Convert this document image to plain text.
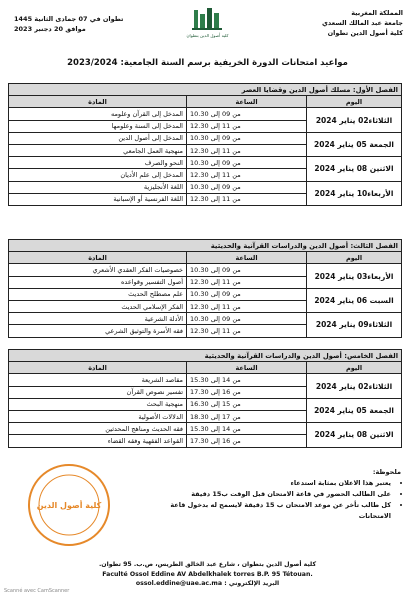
المملكة المغربية
جامعة عبد المالك السعدي
كلية أصول الدين تطوان
كلية أصول الدين بتطوان
تطوان في 07 جمادى الثانية 1445
موافق 20 دجنبر 2023
مواعيد امتحانات الدورة الخريفية برسم السنة الجامعية: 2023/2024
الفصل الأول: مسلك أصول الدين وقضايا العصر		
اليوم	الساعة	المادة
الثلاثاء02 يناير 2024	من 09 إلى 10.30	المدخل إلى القرآن وعلومه
	من 11 إلى 12.30	المدخل إلى السنة وعلومها
الجمعة 05 يناير 2024	من 09 إلى 10.30	المدخل إلى أصول الدين
	من 11 إلى 12.30	منهجية العمل الجامعي
الاثنين 08 يناير 2024	من 09 إلى 10.30	النحو والصرف
	من 11 إلى 12.30	المدخل إلى علم الأديان
الأربعاء10 يناير 2024	من 09 إلى 10.30	اللغة الأنجليزية
	من 11 إلى 12.30	اللغة الفرنسية أو الإسبانية
الفصل الثالث: أصول الدين والدراسات القرآنية والحديثية		
اليوم	الساعة	المادة
الأربعاء03 يناير 2024	من 09 إلى 10.30	خصوصيات الفكر العقدي الأشعري
	من 11 إلى 12.30	أصول التفسير وقواعده
السبت 06 يناير 2024	من 09 إلى 10.30	علم مصطلح الحديث
	من 11 إلى 12.30	الفكر الإسلامي الحديث
الثلاثاء09 يناير 2024	من 09 إلى 10.30	الأدلة الشرعية
	من 11 إلى 12.30	فقه الأسرة والتوثيق الشرعي
الفصل الخامس: أصول الدين والدراسات القرآنية والحديثية		
اليوم	الساعة	المادة
الثلاثاء02 يناير 2024	من 14 إلى 15.30	مقاصد الشريعة
	من 16 إلى 17.30	تفسير نصوص القرآن
الجمعة 05 يناير 2024	من 15 إلى 16.30	منهجية البحث
	من 17 إلى 18.30	الدلالات الأصولية
الاثنين 08 يناير 2024	من 14 إلى 15.30	فقه الحديث ومناهج المحدثين
	من 16 إلى 17.30	القواعد الفقهية وفقه القضاء
ملحوظة:
• يعتبر هذا الاعلان بمثابة استدعاء
• على الطالب الحضور في قاعة الامتحان قبل الوقت ب15 دقيقة
• كل طالب تأخر عن موعد الامتحان ب 15 دقيقة لايسمح له بدخول قاعة الامتحانات
كلية أصول الدين
كلية أصول الدين بتطوان ، شارع عبد الخالق الطريس، ص.ب. 95 تطوان.
Faculté Ossol Eddine AV Abdelkhalek torres B.P. 95 Tétouan.
البريد الإلكتروني : ossol.eddine@uae.ac.ma
Scanné avec CamScanner
